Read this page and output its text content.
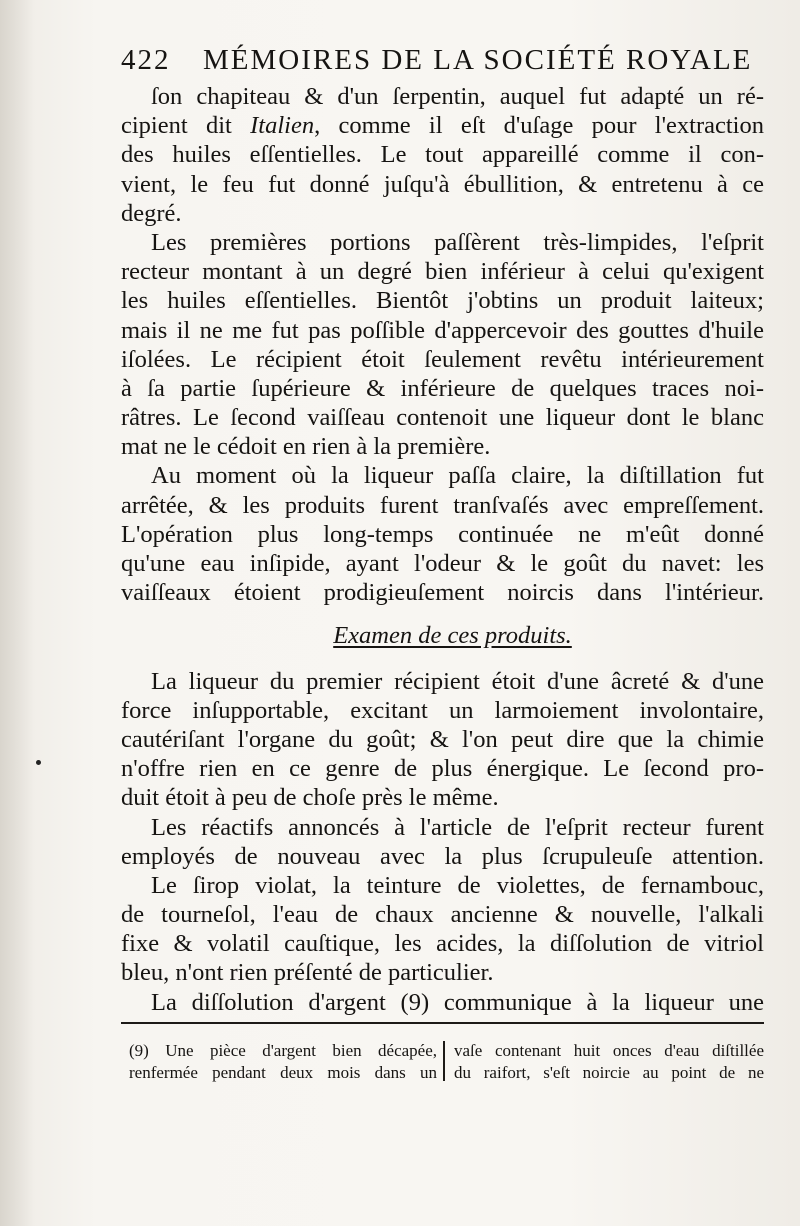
422 MÉMOIRES DE LA SOCIÉTÉ ROYALE
ſon chapiteau & d'un ſerpentin, auquel fut adapté un ré-
cipient dit Italien, comme il eſt d'uſage pour l'extraction
des huiles eſſentielles. Le tout appareillé comme il con-
vient, le feu fut donné juſqu'à ébullition, & entretenu à ce
degré.
Les premières portions paſſèrent très-limpides, l'eſprit
recteur montant à un degré bien inférieur à celui qu'exigent
les huiles eſſentielles. Bientôt j'obtins un produit laiteux;
mais il ne me fut pas poſſible d'appercevoir des gouttes d'huile
iſolées. Le récipient étoit ſeulement revêtu intérieurement
à ſa partie ſupérieure & inférieure de quelques traces noi-
râtres. Le ſecond vaiſſeau contenoit une liqueur dont le blanc
mat ne le cédoit en rien à la première.
Au moment où la liqueur paſſa claire, la diſtillation fut
arrêtée, & les produits furent tranſvaſés avec empreſſement.
L'opération plus long-temps continuée ne m'eût donné
qu'une eau inſipide, ayant l'odeur & le goût du navet: les
vaiſſeaux étoient prodigieuſement noircis dans l'intérieur.
Examen de ces produits.
La liqueur du premier récipient étoit d'une âcreté & d'une
force inſupportable, excitant un larmoiement involontaire,
cautériſant l'organe du goût; & l'on peut dire que la chimie
n'offre rien en ce genre de plus énergique. Le ſecond pro-
duit étoit à peu de choſe près le même.
Les réactifs annoncés à l'article de l'eſprit recteur furent
employés de nouveau avec la plus ſcrupuleuſe attention.
Le ſirop violat, la teinture de violettes, de fernambouc,
de tourneſol, l'eau de chaux ancienne & nouvelle, l'alkali
fixe & volatil cauſtique, les acides, la diſſolution de vitriol
bleu, n'ont rien préſenté de particulier.
La diſſolution d'argent (9) communique à la liqueur une
(9) Une pièce d'argent bien décapée,
renfermée pendant deux mois dans un
vaſe contenant huit onces d'eau diſtillée
du raifort, s'eſt noircie au point de ne
